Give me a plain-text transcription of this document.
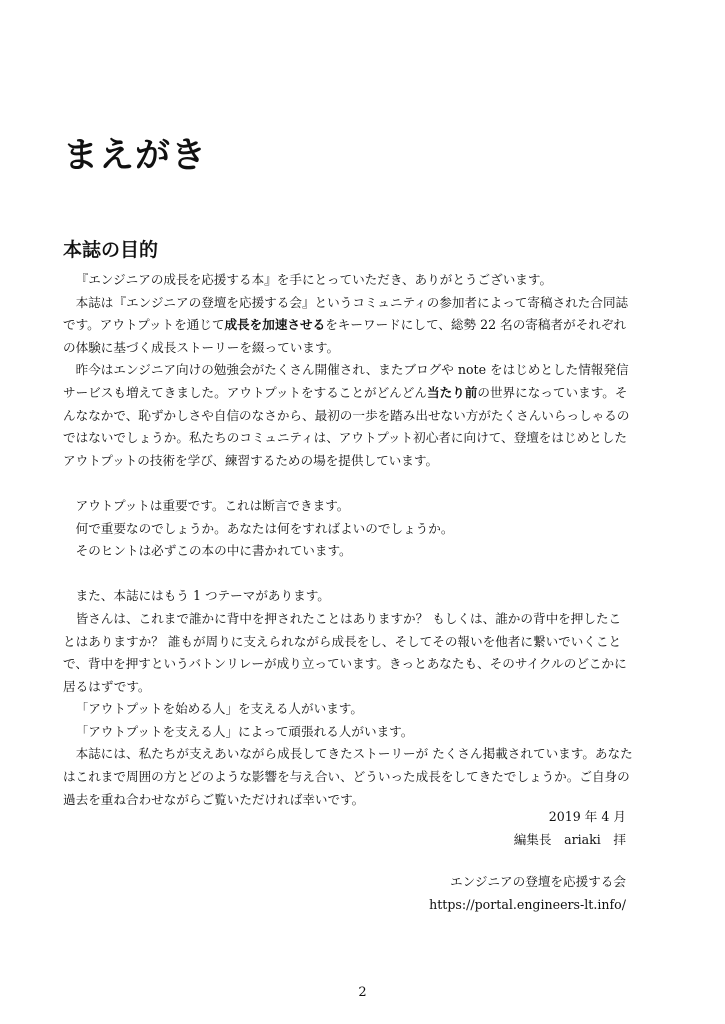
まえがき
本誌の目的

『エンジニアの成長を応援する本』を手にとっていただき、ありがとうございます。

本誌は『エンジニアの登壇を応援する会』というコミュニティの参加者によって寄稿された合同誌です。アウトプットを通じて成長を加速させるをキーワードにして、総勢 22 名の寄稿者がそれぞれの体験に基づく成長ストーリーを綴っています。

昨今はエンジニア向けの勉強会がたくさん開催され、またブログや note をはじめとした情報発信サービスも増えてきました。アウトプットをすることがどんどん当たり前の世界になっています。そんななかで、恥ずかしさや自信のなさから、最初の一歩を踏み出せない方がたくさんいらっしゃるのではないでしょうか。私たちのコミュニティは、アウトプット初心者に向けて、登壇をはじめとしたアウトプットの技術を学び、練習するための場を提供しています。

アウトプットは重要です。これは断言できます。

何で重要なのでしょうか。あなたは何をすればよいのでしょうか。

そのヒントは必ずこの本の中に書かれています。

また、本誌にはもう 1 つテーマがあります。

皆さんは、これまで誰かに背中を押されたことはありますか？ もしくは、誰かの背中を押したことはありますか？ 誰もが周りに支えられながら成長をし、そしてその報いを他者に繋いでいくことで、背中を押すというバトンリレーが成り立っています。きっとあなたも、そのサイクルのどこかに居るはずです。

「アウトプットを始める人」を支える人がいます。

「アウトプットを支える人」によって頑張れる人がいます。

本誌には、私たちが支えあいながら成長してきたストーリーが たくさん掲載されています。あなたはこれまで周囲の方とどのような影響を与え合い、どういった成長をしてきたでしょうか。ご自身の過去を重ね合わせながらご覧いただければ幸いです。

2019 年 4 月
編集長　ariaki　拝
エンジニアの登壇を応援する会
https://portal.engineers-lt.info/
2
